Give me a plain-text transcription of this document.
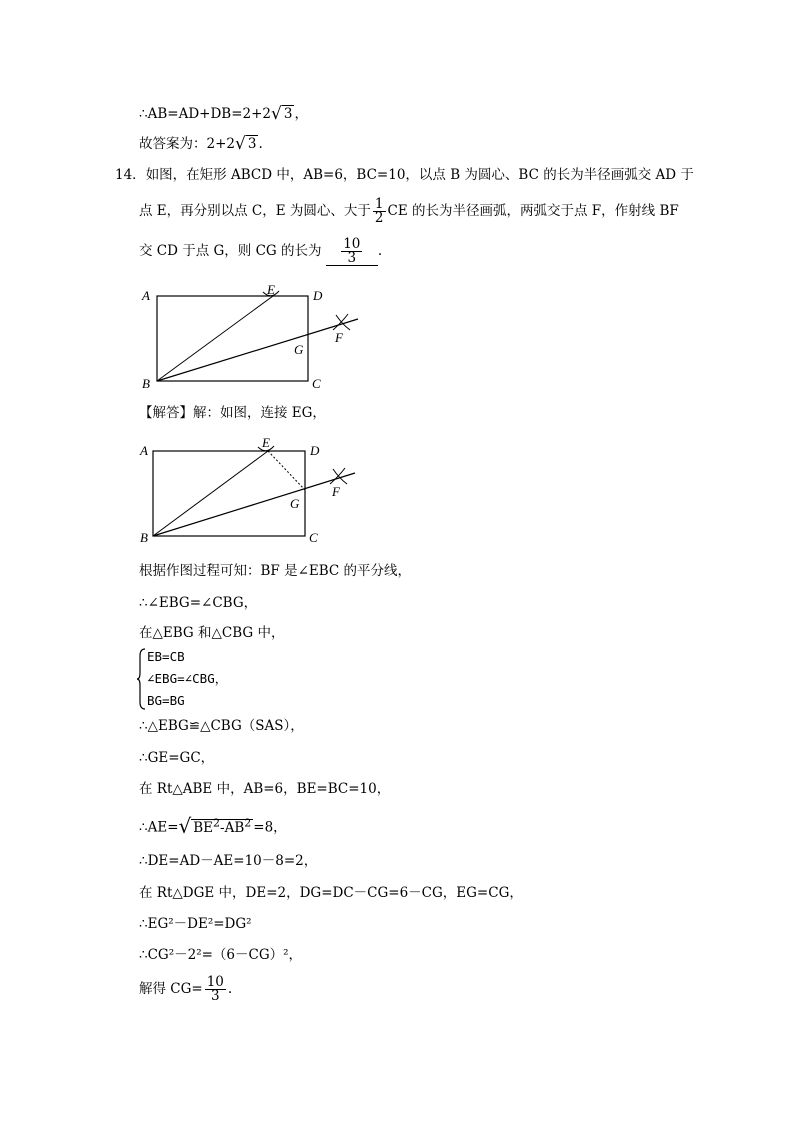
∴AB=AD+DB=2+2√ 3 ，
故答案为：2+2√ 3 .
14．如图，在矩形 ABCD 中，AB=6，BC=10，以点 B 为圆心、BC 的长为半径画弧交 AD 于
点 E，再分别以点 C，E 为圆心、大于 $\frac{1}{2}$ CE 的长为半径画弧，两弧交于点 F，作射线 BF
交 CD 于点 G，则 CG 的长为 $\frac{10}{3}$ .
A
B	C
D
E
F
G
【解答】解：如图，连接 EG，
A
B	C
D
E
F
G
根据作图过程可知：BF 是∠EBC 的平分线，
∴∠EBG=∠CBG，
在△EBG 和△CBG 中，
EB=CB
∠EBG=∠CBG，
BG=BG
∴△EBG≌△CBG（SAS），
∴GE=GC，
在 Rt△ABE 中，AB=6，BE=BC=10，
∴AE=√ $BE^2-AB^2 =8$，
∴DE=AD－AE=10－8=2，
在 Rt△DGE 中，DE=2，DG=DC－CG=6－CG，EG=CG，
∴EG²－DE²=DG²
∴CG²－2²=（6－CG）²，
解得 $CG= \frac{10}{3}$ .
